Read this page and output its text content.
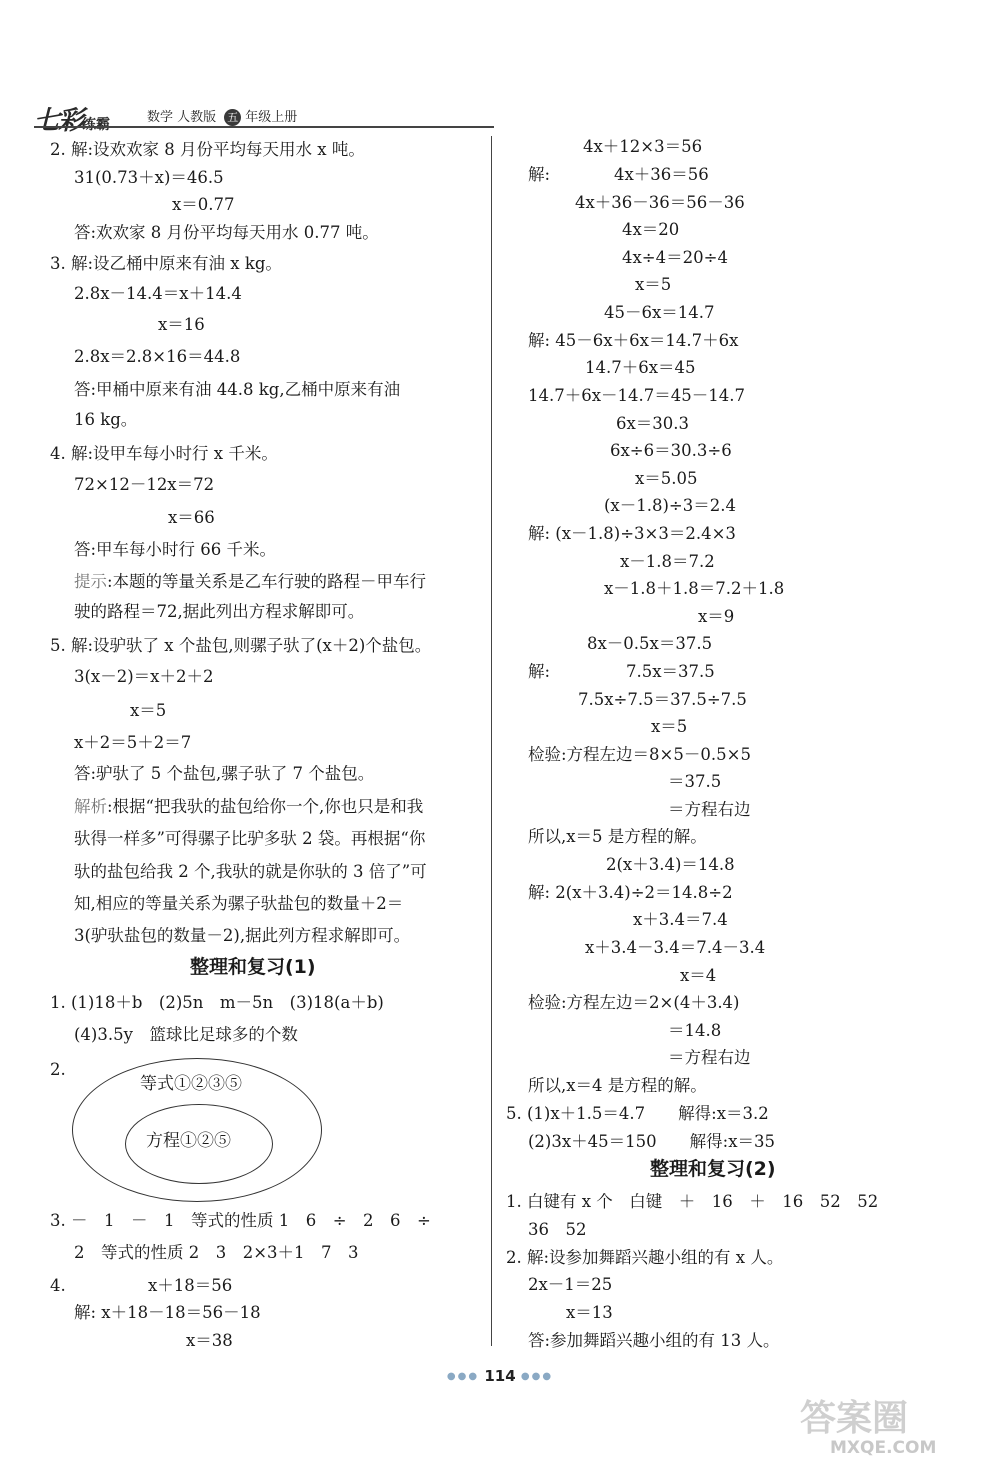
七彩练霸	数学 人教版 五 年级上册
2. 解:设欢欢家 8 月份平均每天用水 x 吨。
31(0.73＋x)＝46.5
x＝0.77
答:欢欢家 8 月份平均每天用水 0.77 吨。
3. 解:设乙桶中原来有油 x kg。
2.8x－14.4＝x＋14.4
x＝16
2.8x＝2.8×16＝44.8
答:甲桶中原来有油 44.8 kg,乙桶中原来有油
16 kg。
4. 解:设甲车每小时行 x 千米。
72×12－12x＝72
x＝66
答:甲车每小时行 66 千米。
提示:本题的等量关系是乙车行驶的路程－甲车行
驶的路程＝72,据此列出方程求解即可。
5. 解:设驴驮了 x 个盐包,则骡子驮了(x＋2)个盐包。
3(x－2)＝x＋2＋2
x＝5
x＋2＝5＋2＝7
答:驴驮了 5 个盐包,骡子驮了 7 个盐包。
解析:根据“把我驮的盐包给你一个,你也只是和我
驮得一样多”可得骡子比驴多驮 2 袋。再根据“你
驮的盐包给我 2 个,我驮的就是你驮的 3 倍了”可
知,相应的等量关系为骡子驮盐包的数量＋2＝
3(驴驮盐包的数量－2),据此列方程求解即可。
整理和复习(1)
1. (1)18＋b　(2)5n　m－5n　(3)18(a＋b)
(4)3.5y　篮球比足球多的个数
2.
等式①②③⑤
方程①②⑤
3. －　1　－　1　等式的性质 1　6　÷　2　6　÷
2　等式的性质 2　3　2×3＋1　7　3
4.	x＋18＝56
解: x＋18－18＝56－18
x＝38
4x＋12×3＝56
解:	4x＋36＝56
4x＋36－36＝56－36
4x＝20
4x÷4＝20÷4
x＝5
45－6x＝14.7
解: 45－6x＋6x＝14.7＋6x
14.7＋6x＝45
14.7＋6x－14.7＝45－14.7
6x＝30.3
6x÷6＝30.3÷6
x＝5.05
(x－1.8)÷3＝2.4
解: (x－1.8)÷3×3＝2.4×3
x－1.8＝7.2
x－1.8＋1.8＝7.2＋1.8
x＝9
8x－0.5x＝37.5
解:	7.5x＝37.5
7.5x÷7.5＝37.5÷7.5
x＝5
检验:方程左边＝8×5－0.5×5
＝37.5
＝方程右边
所以,x＝5 是方程的解。
2(x＋3.4)＝14.8
解: 2(x＋3.4)÷2＝14.8÷2
x＋3.4＝7.4
x＋3.4－3.4＝7.4－3.4
x＝4
检验:方程左边＝2×(4＋3.4)
＝14.8
＝方程右边
所以,x＝4 是方程的解。
5. (1)x＋1.5＝4.7　　解得:x＝3.2
(2)3x＋45＝150　　解得:x＝35
整理和复习(2)
1. 白键有 x 个　白键　＋　16　＋　16　52　52
36　52
2. 解:设参加舞蹈兴趣小组的有 x 人。
2x－1＝25
x＝13
答:参加舞蹈兴趣小组的有 13 人。
●●● 114 ●●●
答案圈
MXQE.COM
